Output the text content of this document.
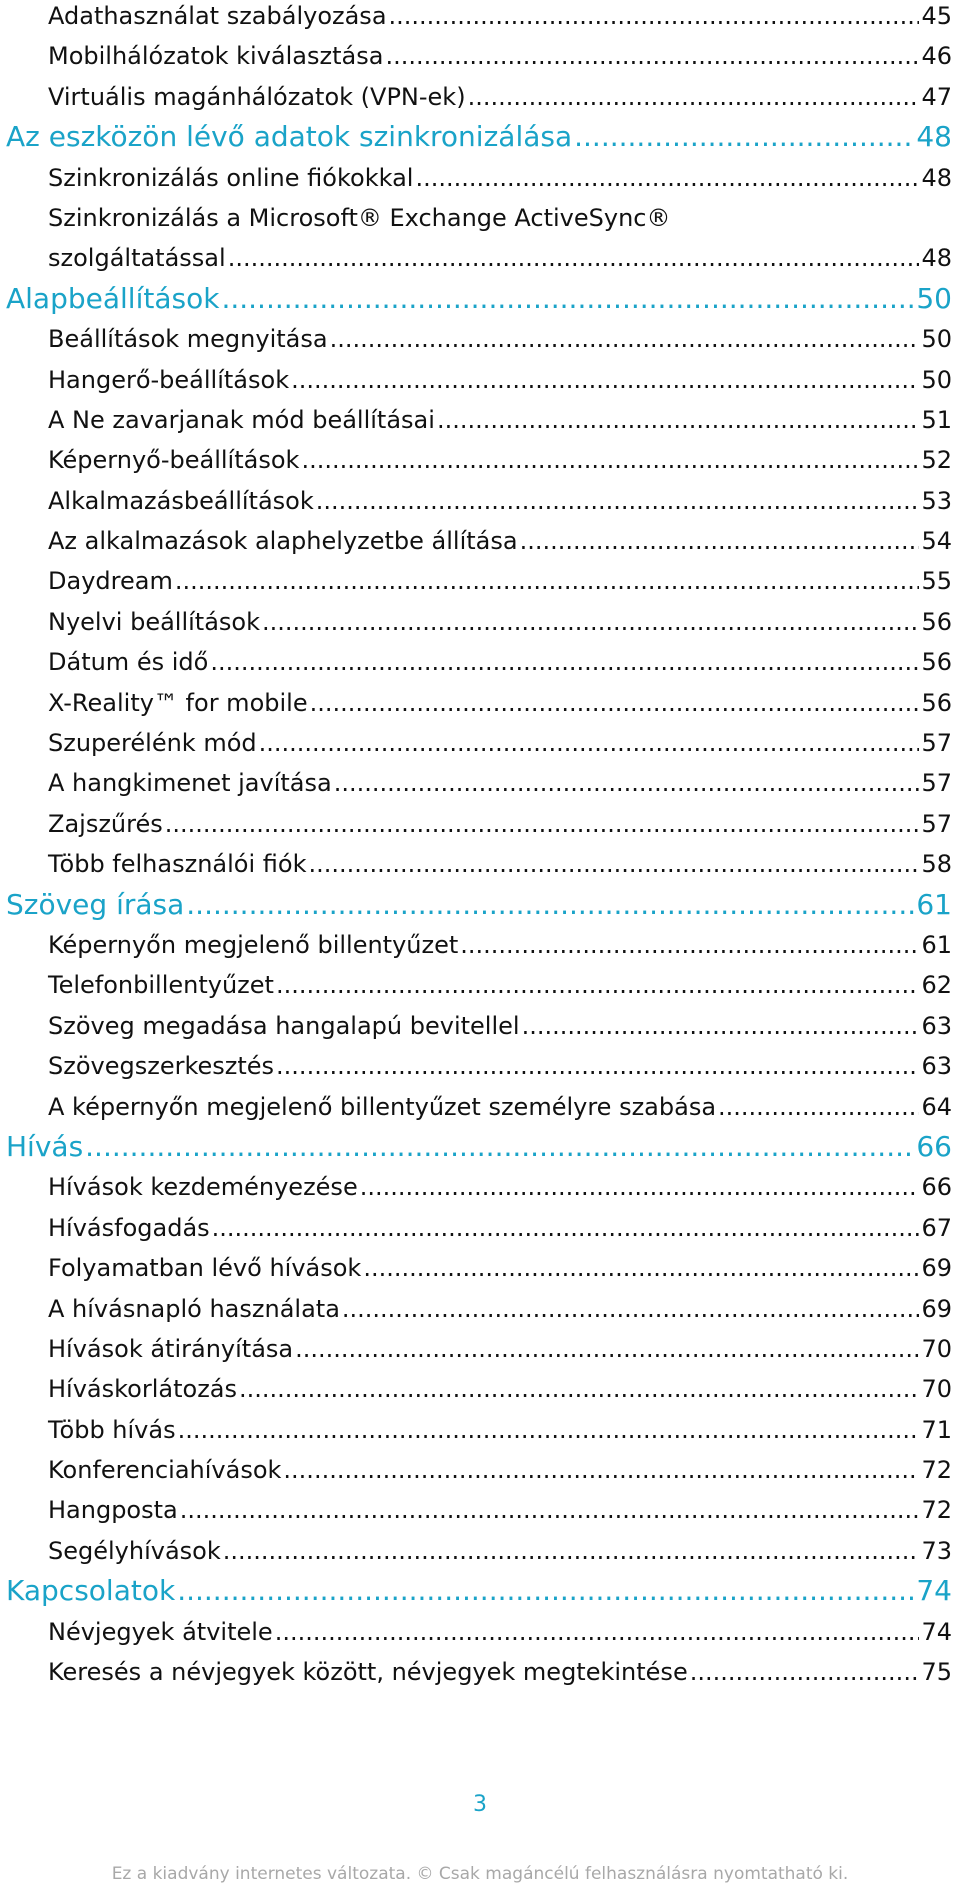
Adathasználat szabályozása .....	45
Mobilhálózatok kiválasztása .....	46
Virtuális magánhálózatok (VPN-ek) .....	47
Az eszközön lévő adatok szinkronizálása .....	48
Szinkronizálás online fiókokkal .....	48
Szinkronizálás a Microsoft® Exchange ActiveSync®
szolgáltatással .....	48
Alapbeállítások .....	50
Beállítások megnyitása .....	50
Hangerő-beállítások .....	50
A Ne zavarjanak mód beállításai .....	51
Képernyő-beállítások .....	52
Alkalmazásbeállítások .....	53
Az alkalmazások alaphelyzetbe állítása .....	54
Daydream .....	55
Nyelvi beállítások .....	56
Dátum és idő .....	56
X-Reality™ for mobile .....	56
Szuperélénk mód .....	57
A hangkimenet javítása .....	57
Zajszűrés .....	57
Több felhasználói fiók .....	58
Szöveg írása .....	61
Képernyőn megjelenő billentyűzet .....	61
Telefonbillentyűzet .....	62
Szöveg megadása hangalapú bevitellel .....	63
Szövegszerkesztés .....	63
A képernyőn megjelenő billentyűzet személyre szabása .....	64
Hívás .....	66
Hívások kezdeményezése .....	66
Hívásfogadás .....	67
Folyamatban lévő hívások .....	69
A hívásnapló használata .....	69
Hívások átirányítása .....	70
Híváskorlátozás .....	70
Több hívás .....	71
Konferenciahívások .....	72
Hangposta .....	72
Segélyhívások .....	73
Kapcsolatok .....	74
Névjegyek átvitele .....	74
Keresés a névjegyek között, névjegyek megtekintése .....	75
3
Ez a kiadvány internetes változata. © Csak magáncélú felhasználásra nyomtatható ki.
